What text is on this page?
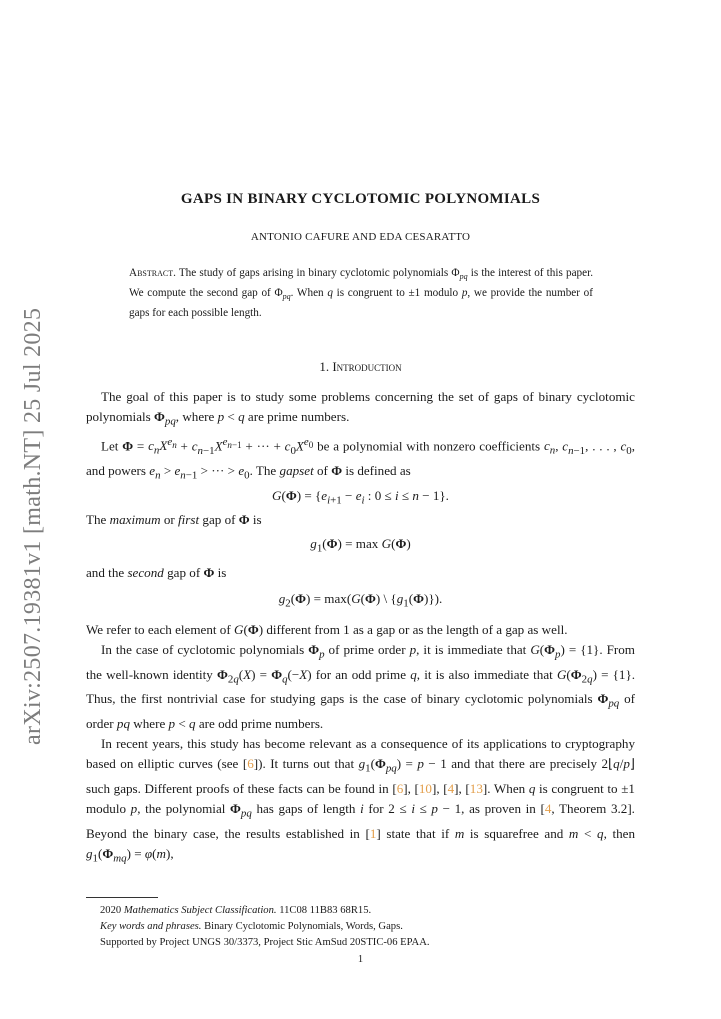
arXiv:2507.19381v1 [math.NT] 25 Jul 2025
GAPS IN BINARY CYCLOTOMIC POLYNOMIALS
ANTONIO CAFURE AND EDA CESARATTO
Abstract. The study of gaps arising in binary cyclotomic polynomials $\Phi_{pq}$ is the interest of this paper. We compute the second gap of $\Phi_{pq}$. When q is congruent to ±1 modulo p, we provide the number of gaps for each possible length.
1. Introduction

The goal of this paper is to study some problems concerning the set of gaps of binary cyclotomic polynomials $\Phi_{pq}$, where p < q are prime numbers.

Let $\Phi = c_nX^{e_n} + c_{n-1}X^{e_{n-1}}$ + ··· + $c_0X^{e_0}$ be a polynomial with nonzero coefficients $c_n$, $c_{n-1}$, . . . , $c_0$, and powers $e_n > e_{n-1}$ > ··· > $e_0$. The gapset of Φ is defined as

$G(\Phi) = \{e_{i+1} - e_i$ : 0 ≤ i ≤ n − 1}.

The maximum or first gap of Φ is

$g_1(\Phi) = \max G(\Phi)$

and the second gap of Φ is

$g_2(\Phi) = \max(G(\Phi)$ \ $\{g_1(\Phi)\}$).

We refer to each element of G(Φ) different from 1 as a gap or as the length of a gap as well.

In the case of cyclotomic polynomials $\Phi_p$ of prime order p, it is immediate that $G(\Phi_p) = \{1\}$. From the well-known identity $\Phi_{2q}(X) = \Phi_q(-X)$ for an odd prime q, it is also immediate that $G(\Phi_{2q}) = \{1\}$. Thus, the first nontrivial case for studying gaps is the case of binary cyclotomic polynomials $\Phi_{pq}$ of order pq where p < q are odd prime numbers.

In recent years, this study has become relevant as a consequence of its applications to cryptography based on elliptic curves (see [6]). It turns out that $g_1(\Phi_{pq}) = p - 1$ and that there are precisely 2⌊q/p⌋ such gaps. Different proofs of these facts can be found in [6], [10], [4], [13]. When q is congruent to ±1 modulo p, the polynomial $\Phi_{pq}$ has gaps of length i for 2 ≤ i ≤ p − 1, as proven in [4, Theorem 3.2]. Beyond the binary case, the results established in [1] state that if m is squarefree and m < q, then $g_1(\Phi_{mq}) = \varphi(m)$,

2020 Mathematics Subject Classification. 11C08 11B83 68R15.

Key words and phrases. Binary Cyclotomic Polynomials, Words, Gaps.

Supported by Project UNGS 30/3373, Project Stic AmSud 20STIC-06 EPAA.

1
